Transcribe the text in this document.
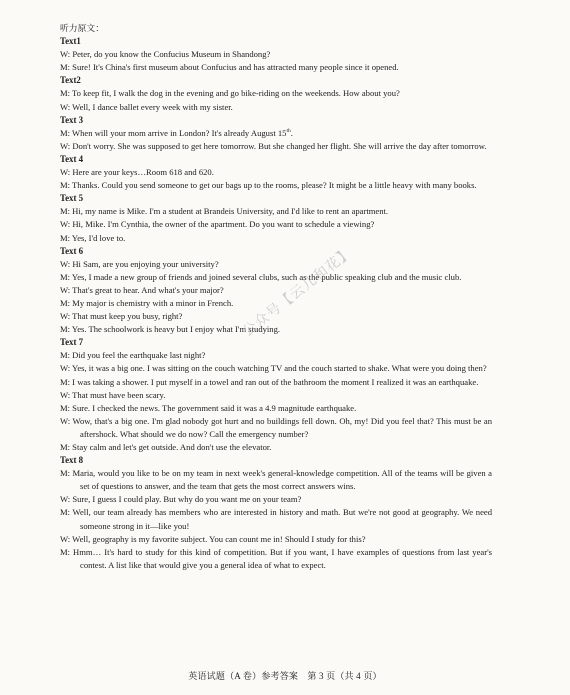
听力原文：

Text1

W: Peter, do you know the Confucius Museum in Shandong?

M: Sure! It's China's first museum about Confucius and has attracted many people since it opened.

Text2

M: To keep fit, I walk the dog in the evening and go bike-riding on the weekends. How about you?

W: Well, I dance ballet every week with my sister.

Text 3

M: When will your mom arrive in London? It's already August 15th.

W: Don't worry. She was supposed to get here tomorrow. But she changed her flight. She will arrive the day after tomorrow.

Text 4

W: Here are your keys…Room 618 and 620.

M: Thanks. Could you send someone to get our bags up to the rooms, please? It might be a little heavy with many books.

Text 5

M: Hi, my name is Mike. I'm a student at Brandeis University, and I'd like to rent an apartment.

W: Hi, Mike. I'm Cynthia, the owner of the apartment. Do you want to schedule a viewing?

M: Yes, I'd love to.

Text 6

W: Hi Sam, are you enjoying your university?

M: Yes, I made a new group of friends and joined several clubs, such as the public speaking club and the music club.

W: That's great to hear. And what's your major?

M: My major is chemistry with a minor in French.

W: That must keep you busy, right?

M: Yes. The schoolwork is heavy but I enjoy what I'm studying.

Text 7

M: Did you feel the earthquake last night?

W: Yes, it was a big one. I was sitting on the couch watching TV and the couch started to shake. What were you doing then?

M: I was taking a shower. I put myself in a towel and ran out of the bathroom the moment I realized it was an earthquake.

W: That must have been scary.

M: Sure. I checked the news. The government said it was a 4.9 magnitude earthquake.

W: Wow, that's a big one. I'm glad nobody got hurt and no buildings fell down. Oh, my! Did you feel that? This must be an aftershock. What should we do now? Call the emergency number?

M: Stay calm and let's get outside. And don't use the elevator.

Text 8

M: Maria, would you like to be on my team in next week's general-knowledge competition. All of the teams will be given a set of questions to answer, and the team that gets the most correct answers wins.

W: Sure, I guess I could play. But why do you want me on your team?

M: Well, our team already has members who are interested in history and math. But we're not good at geography. We need someone strong in it—like you!

W: Well, geography is my favorite subject. You can count me in! Should I study for this?

M: Hmm… It's hard to study for this kind of competition. But if you want, I have examples of questions from last year's contest. A list like that would give you a general idea of what to expect.

公众号【云儿和花】
英语试题（A 卷）参考答案　第 3 页（共 4 页）
